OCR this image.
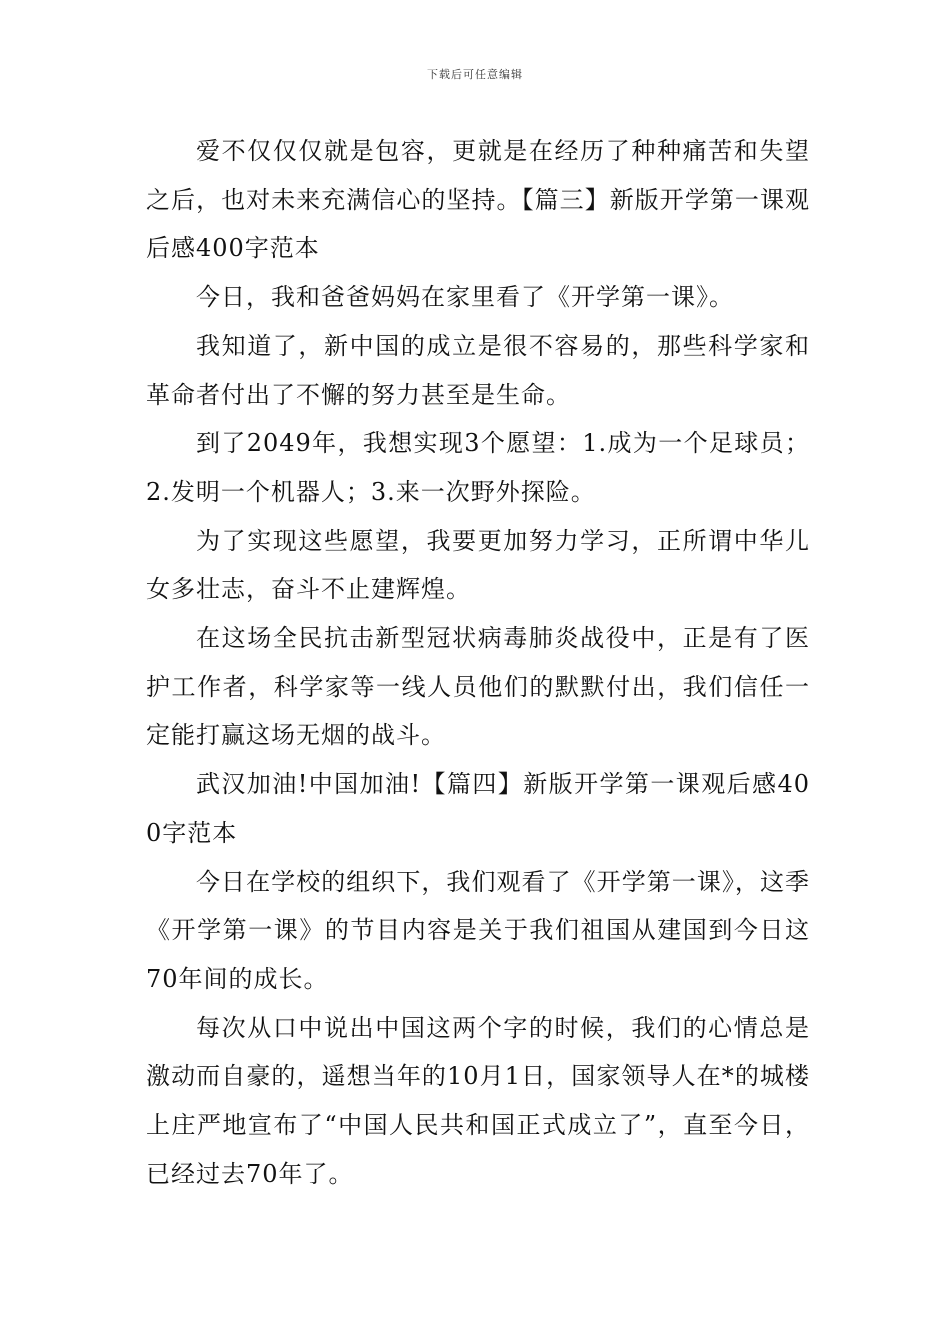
下载后可任意编辑

爱不仅仅仅就是包容，更就是在经历了种种痛苦和失望之后，也对未来充满信心的坚持。【篇三】新版开学第一课观后感400字范本

今日，我和爸爸妈妈在家里看了《开学第一课》。

我知道了，新中国的成立是很不容易的，那些科学家和革命者付出了不懈的努力甚至是生命。

到了2049年，我想实现3个愿望：1.成为一个足球员；2.发明一个机器人；3.来一次野外探险。

为了实现这些愿望，我要更加努力学习，正所谓中华儿女多壮志，奋斗不止建辉煌。

在这场全民抗击新型冠状病毒肺炎战役中，正是有了医护工作者，科学家等一线人员他们的默默付出，我们信任一定能打赢这场无烟的战斗。

武汉加油!中国加油!【篇四】新版开学第一课观后感400字范本

今日在学校的组织下，我们观看了《开学第一课》，这季《开学第一课》的节目内容是关于我们祖国从建国到今日这70年间的成长。

每次从口中说出中国这两个字的时候，我们的心情总是激动而自豪的，遥想当年的10月1日，国家领导人在*的城楼上庄严地宣布了“中国人民共和国正式成立了”，直至今日，已经过去70年了。
